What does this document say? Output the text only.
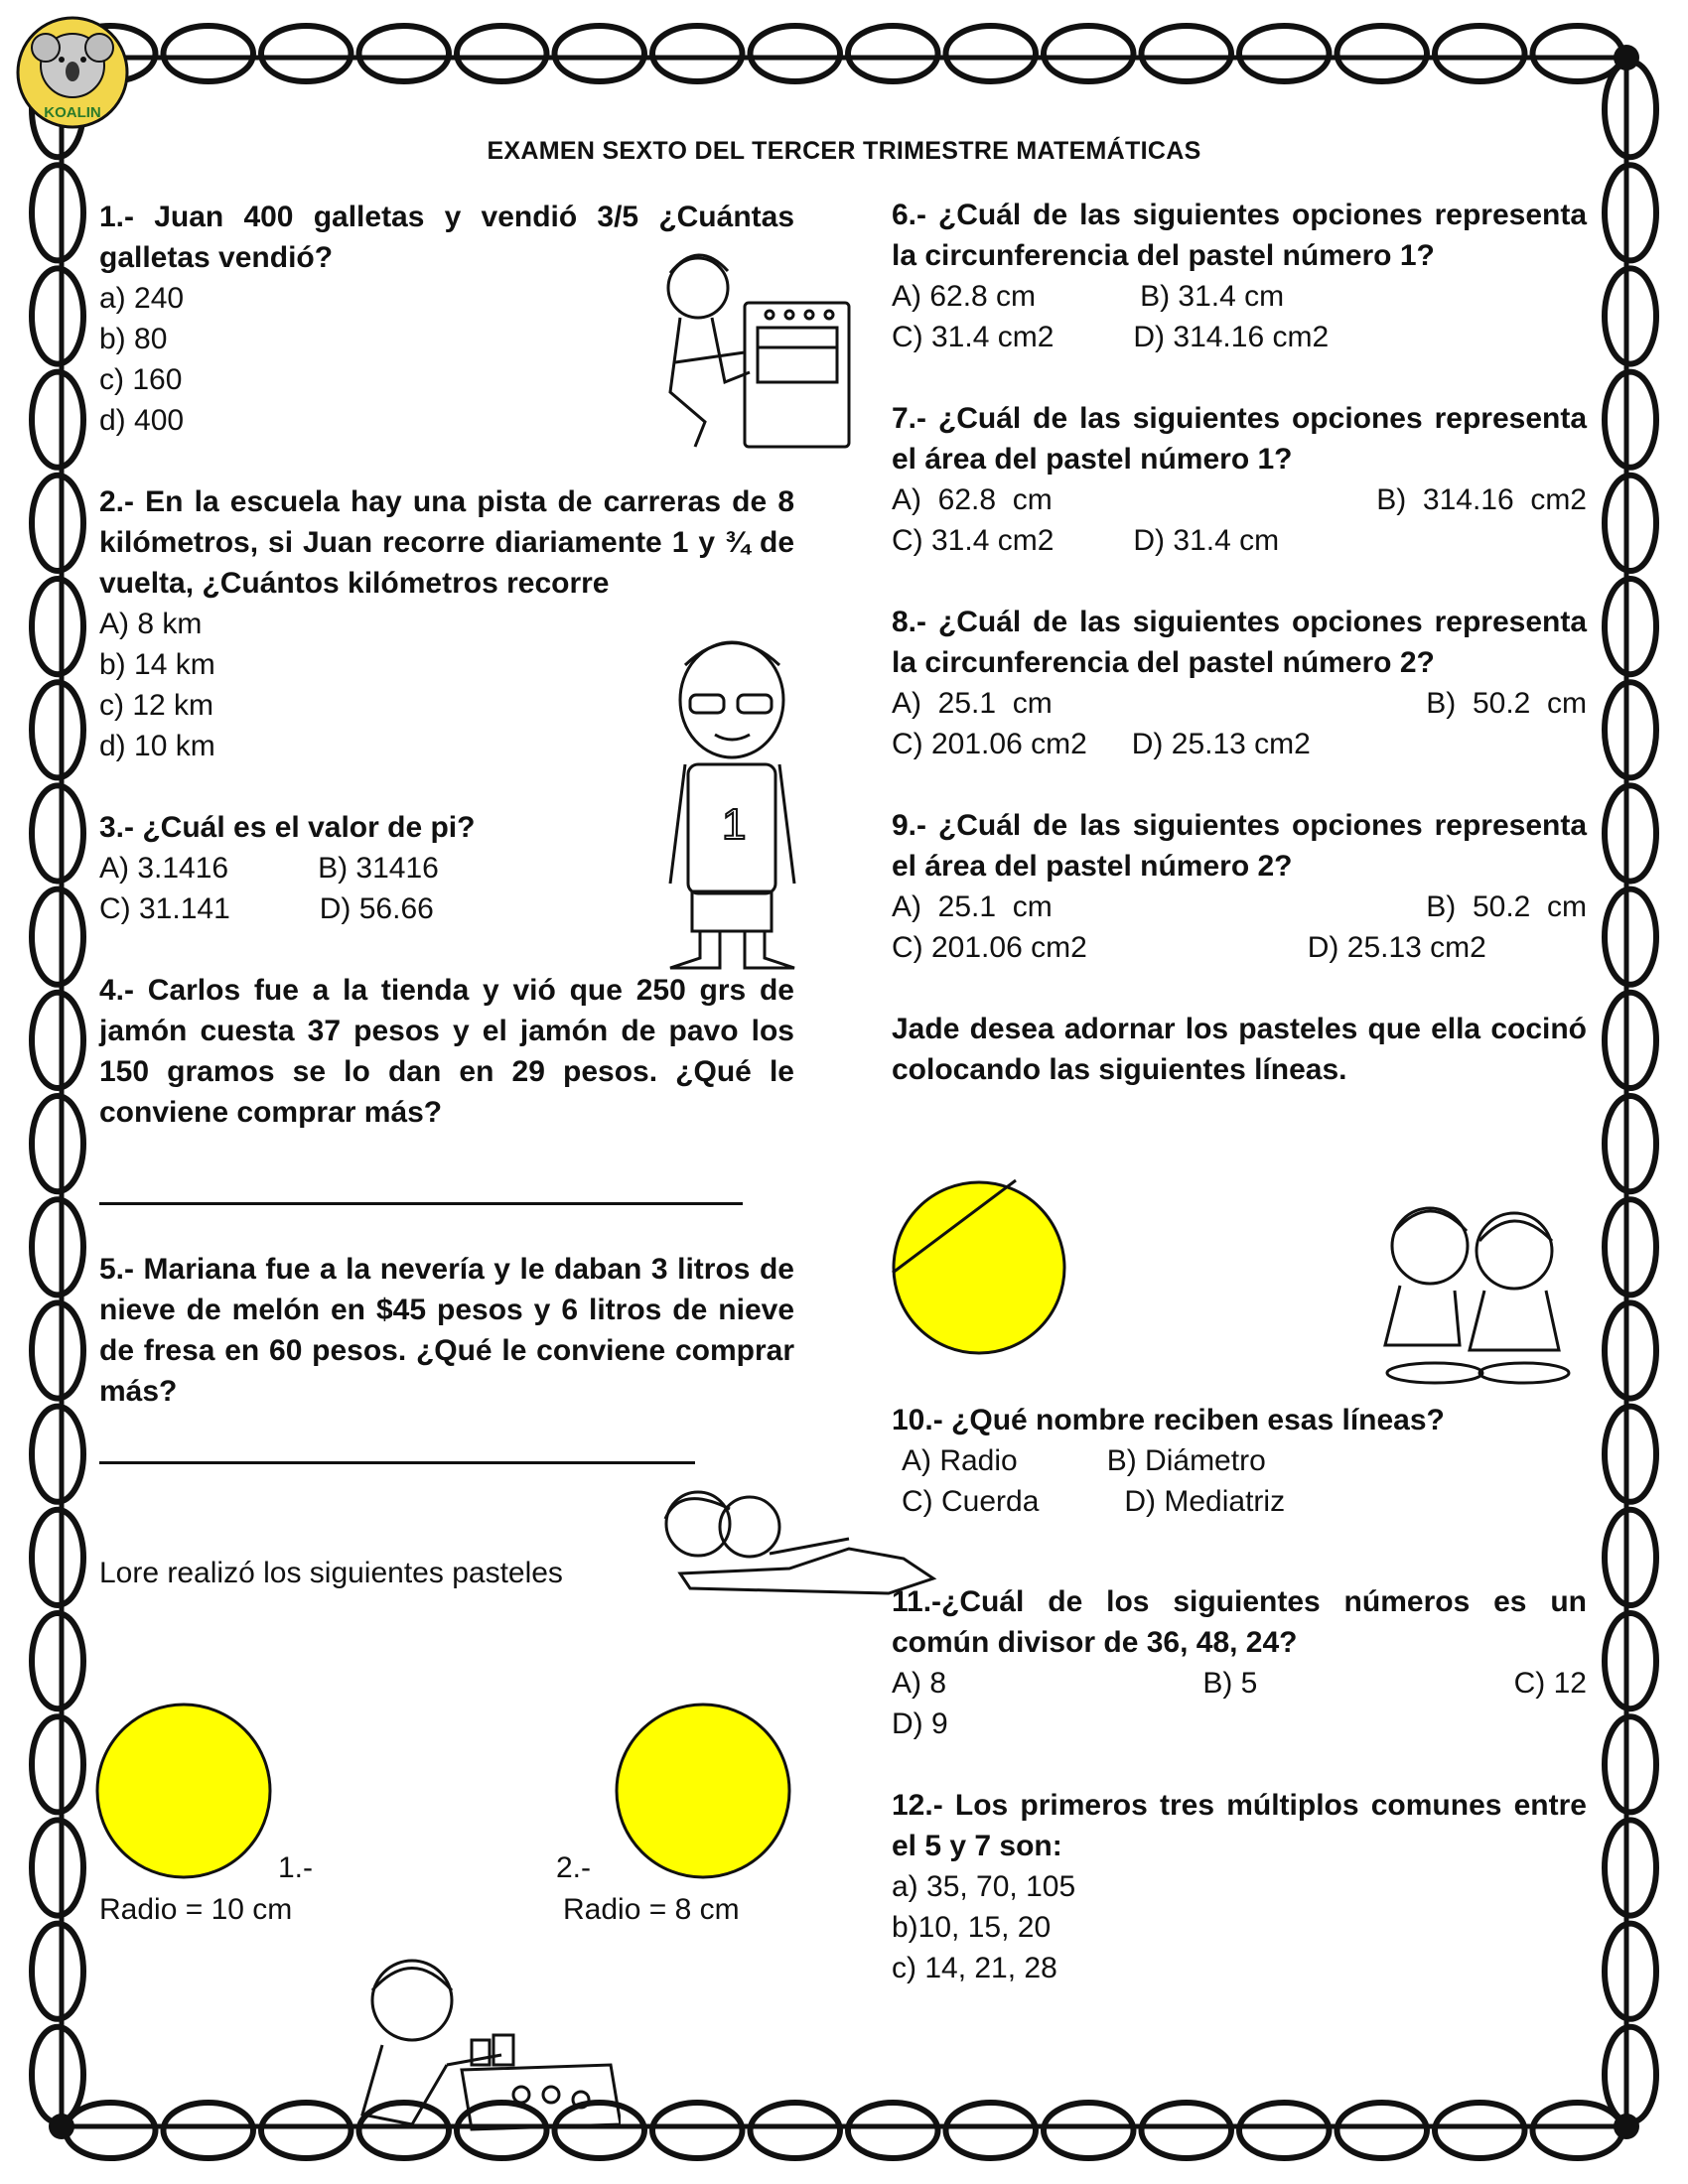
KOALIN
EXAMEN SEXTO DEL TERCER TRIMESTRE MATEMÁTICAS
1.- Juan 400 galletas y vendió 3/5 ¿Cuántas galletas vendió?
a) 240
b) 80
c) 160
d) 400
2.- En la escuela hay una pista de carreras de 8 kilómetros, si Juan recorre diariamente 1 y ¾ de vuelta, ¿Cuántos kilómetros recorre
A) 8 km
b) 14 km
c) 12 km
d) 10 km
3.- ¿Cuál es el valor de pi?
A) 3.1416	B) 31416
C) 31.141	D) 56.66
4.- Carlos fue a la tienda y vió que 250 grs de jamón cuesta 37 pesos y el jamón de pavo los 150 gramos se lo dan en 29 pesos. ¿Qué le conviene comprar más?
5.- Mariana fue a la nevería y le daban 3 litros de nieve de melón en $45 pesos y 6 litros de nieve de fresa en 60 pesos. ¿Qué le conviene comprar más?
Lore realizó los siguientes pasteles
1.-
Radio = 10 cm
2.-
Radio = 8 cm
6.- ¿Cuál de las siguientes opciones representa la circunferencia del pastel número 1?
A) 62.8 cm	B) 31.4 cm
C) 31.4 cm2	D) 314.16 cm2
7.- ¿Cuál de las siguientes opciones representa el área del pastel número 1?
A)  62.8  cm	B)  314.16  cm2
C) 31.4 cm2	D) 31.4 cm
8.- ¿Cuál de las siguientes opciones representa la circunferencia del pastel número 2?
A)  25.1  cm	B)  50.2  cm
C) 201.06 cm2 D) 25.13 cm2
9.- ¿Cuál de las siguientes opciones representa el área del pastel número 2?
A)  25.1  cm	B)  50.2  cm
C) 201.06 cm2	D) 25.13 cm2
Jade desea adornar los pasteles que ella cocinó colocando las siguientes líneas.
10.- ¿Qué nombre reciben esas líneas?
A) Radio	B) Diámetro
C) Cuerda	D) Mediatriz
11.-¿Cuál de los siguientes números es un común divisor de 36, 48, 24?
A) 8	B) 5	C) 12
D) 9
12.- Los primeros tres múltiplos comunes entre el 5 y 7 son:
a) 35, 70, 105
b)10, 15, 20
c) 14, 21, 28
1
